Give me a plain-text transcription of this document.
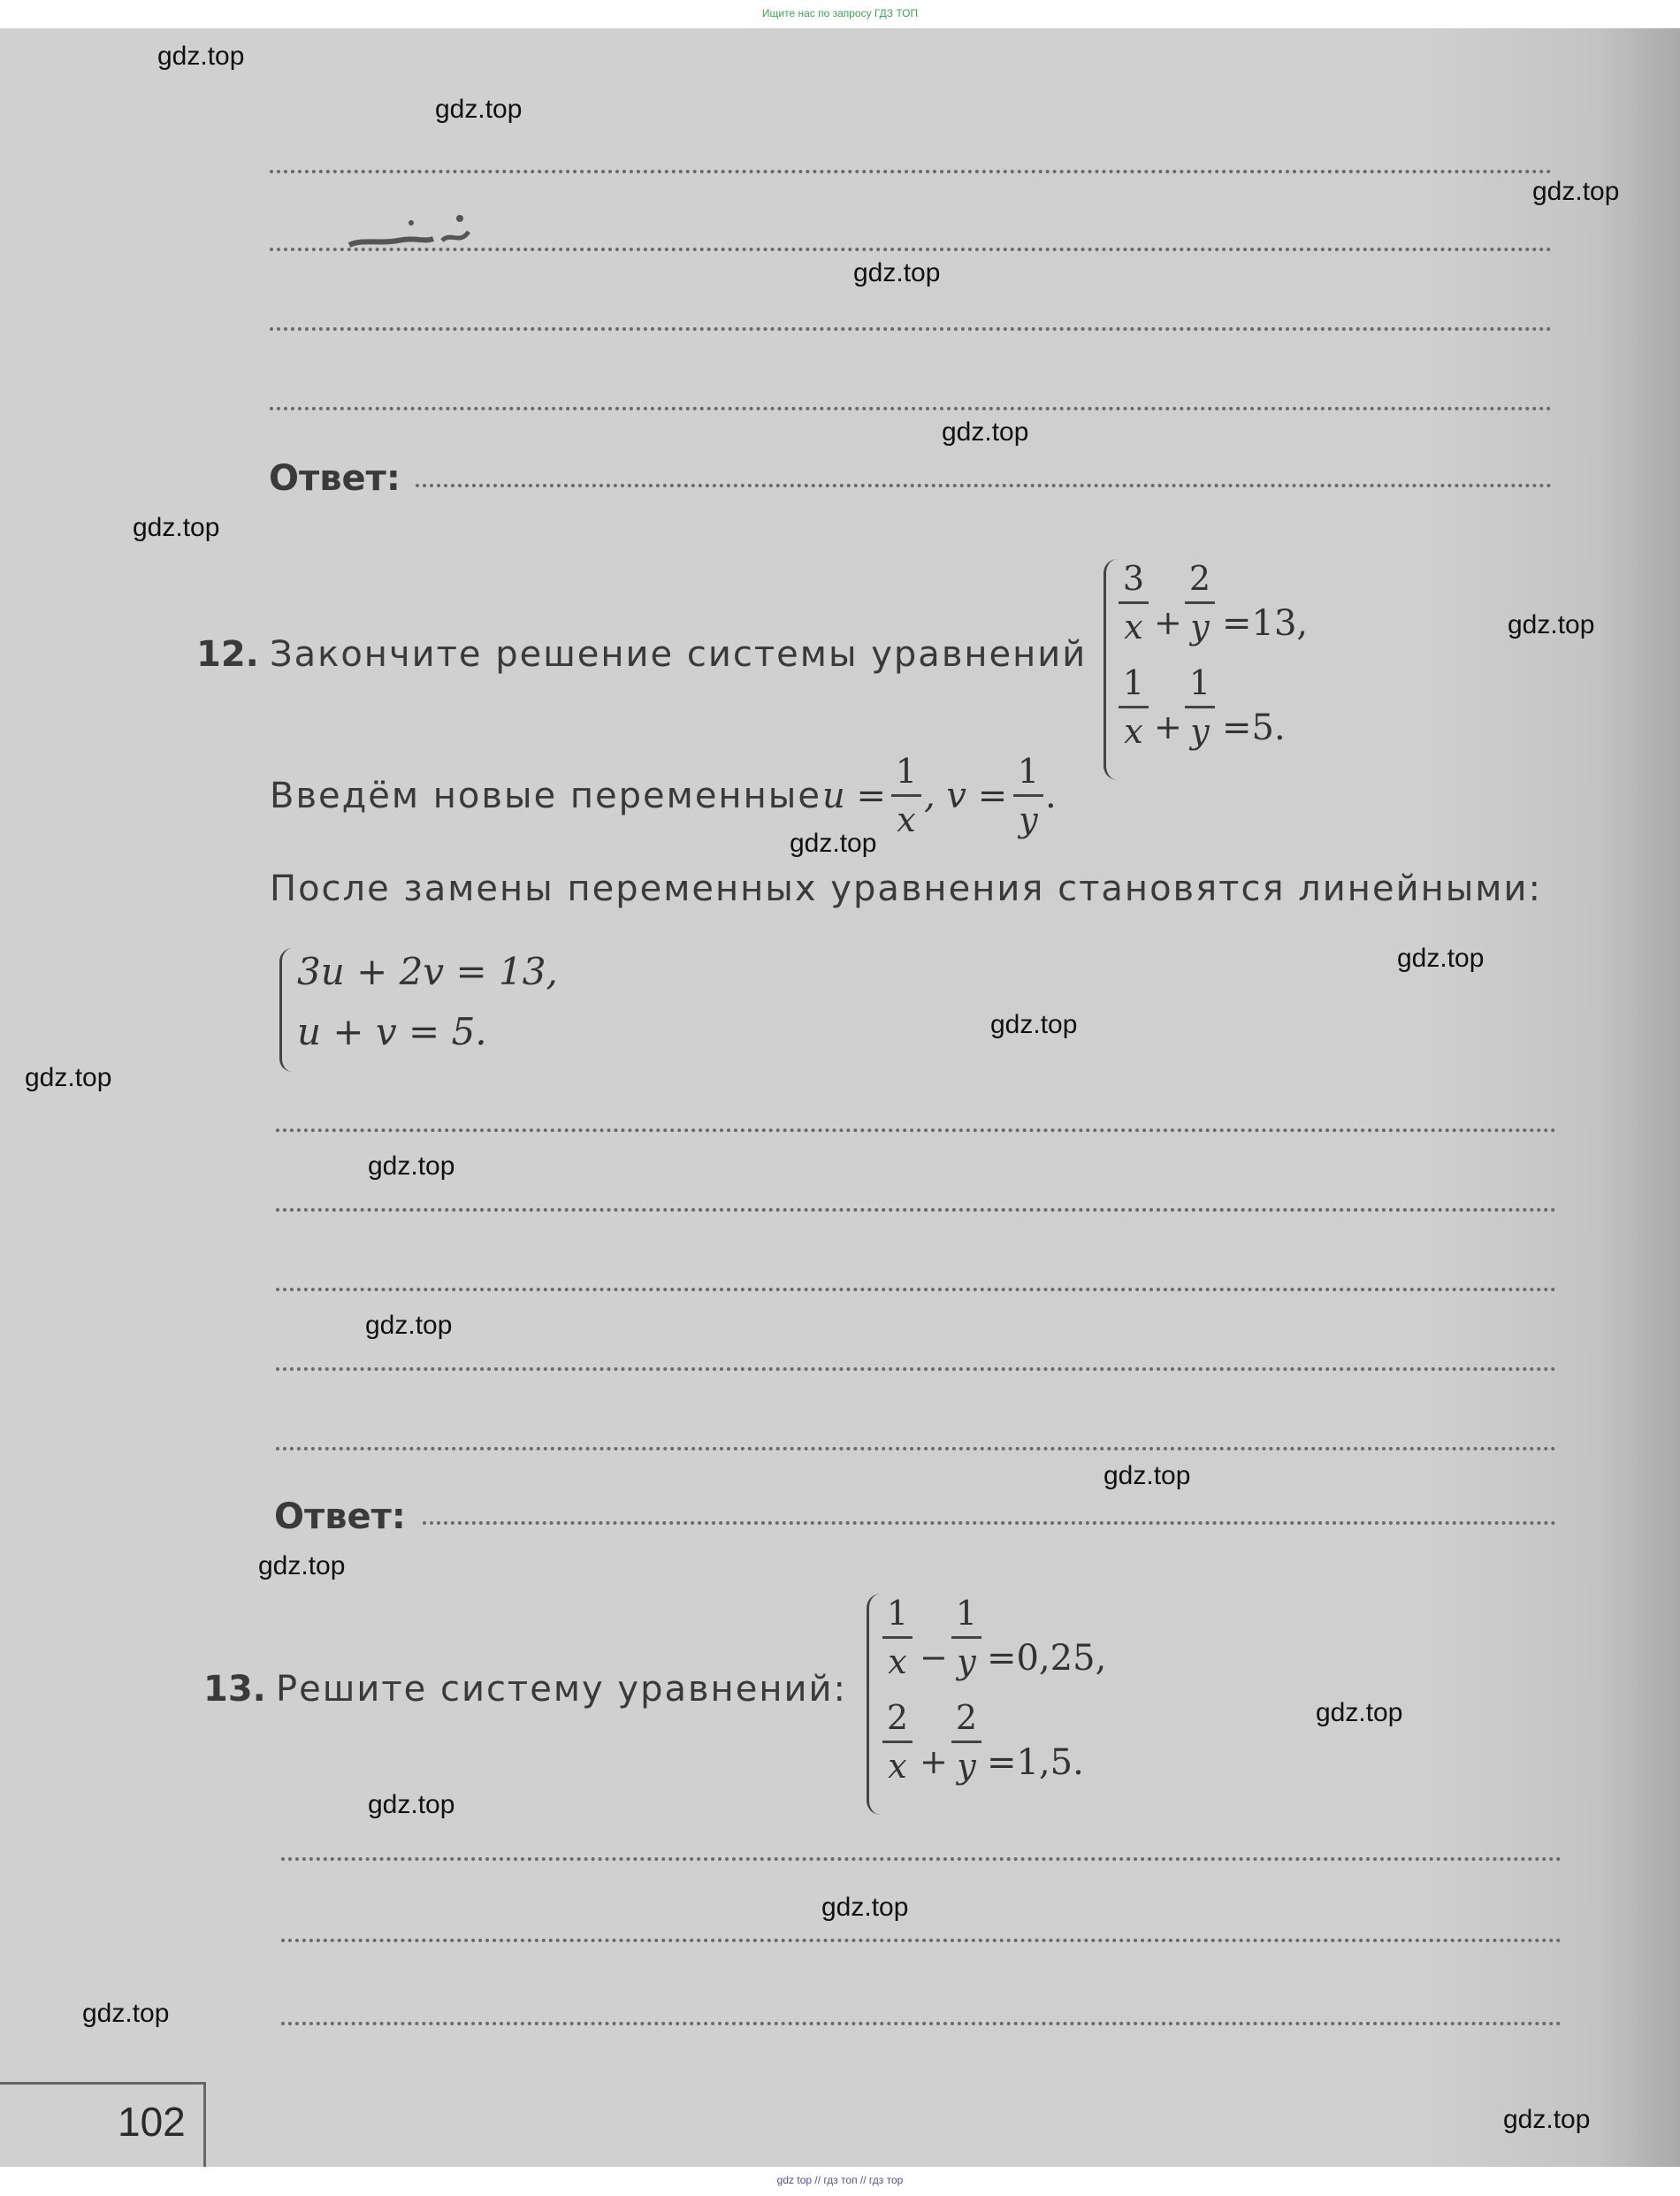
Ищите нас по запросу ГДЗ ТОП
gdz.top
gdz.top
gdz.top
gdz.top
gdz.top
gdz.top
gdz.top
gdz.top
gdz.top
gdz.top
gdz.top
gdz.top
gdz.top
gdz.top
gdz.top
gdz.top
gdz.top
gdz.top
gdz.top
gdz.top
Ответ:
12. Закончите решение системы уравнений
3
x +
2
y =13,
1
x +
1
y =5.
Введём новые переменные u =
1
x
, v =
1
y
.
После замены переменных уравнения становятся линейными:
3u + 2v = 13,
u + v = 5.
Ответ:
13. Решите систему уравнений:
1
x −
1
y =0,25,
2
x +
2
y =1,5.
102
gdz top // гдз топ // гдз тор
